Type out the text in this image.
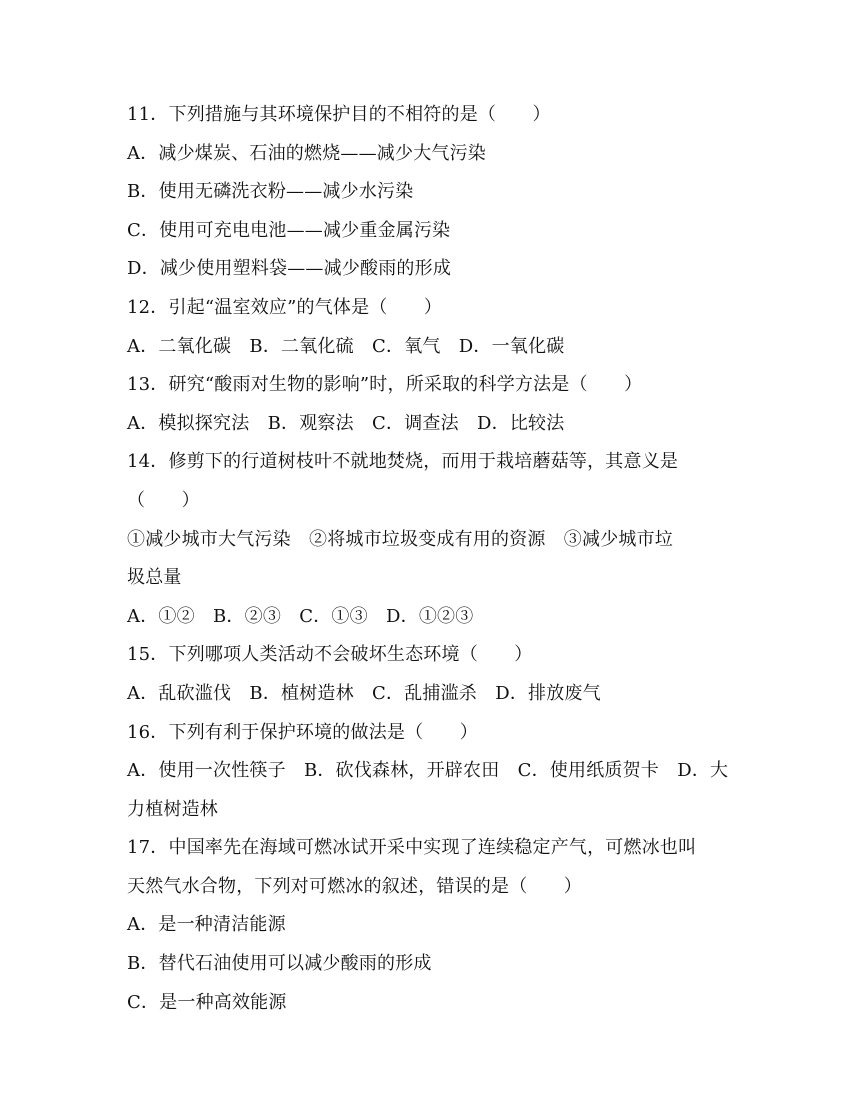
11．下列措施与其环境保护目的不相符的是（　　）
A．减少煤炭、石油的燃烧——减少大气污染
B．使用无磷洗衣粉——减少水污染
C．使用可充电电池——减少重金属污染
D．减少使用塑料袋——减少酸雨的形成
12．引起“温室效应”的气体是（　　）
A．二氧化碳　B．二氧化硫　C．氧气　D．一氧化碳
13．研究“酸雨对生物的影响”时，所采取的科学方法是（　　）
A．模拟探究法　B．观察法　C．调查法　D．比较法
14．修剪下的行道树枝叶不就地焚烧，而用于栽培蘑菇等，其意义是
（　　）
①减少城市大气污染　②将城市垃圾变成有用的资源　③减少城市垃
圾总量
A．①②　B．②③　C．①③　D．①②③
15．下列哪项人类活动不会破坏生态环境（　　）
A．乱砍滥伐　B．植树造林　C．乱捕滥杀　D．排放废气
16．下列有利于保护环境的做法是（　　）
A．使用一次性筷子　B．砍伐森林，开辟农田　C．使用纸质贺卡　D．大
力植树造林
17．中国率先在海域可燃冰试开采中实现了连续稳定产气，可燃冰也叫
天然气水合物，下列对可燃冰的叙述，错误的是（　　）
A．是一种清洁能源
B．替代石油使用可以减少酸雨的形成
C．是一种高效能源
